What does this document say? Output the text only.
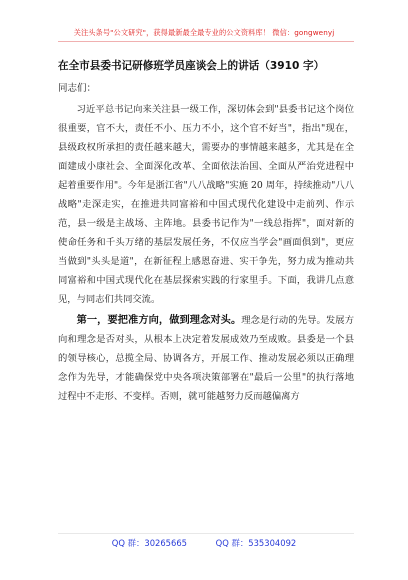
关注头条号"公文研究"，获得最新最全最专业的公文资料库！ 微信：gongwenyj
在全市县委书记研修班学员座谈会上的讲话（3910 字）
同志们：

习近平总书记向来关注县一级工作，深切体会到"县委书记这个岗位很重要，官不大，责任不小、压力不小，这个官不好当"，指出"现在，县级政权所承担的责任越来越大，需要办的事情越来越多，尤其是在全面建成小康社会、全面深化改革、全面依法治国、全面从严治党进程中起着重要作用"。今年是浙江省"八八战略"实施 20 周年，持续推动"八八战略"走深走实，在推进共同富裕和中国式现代化建设中走前列、作示范，县一级是主战场、主阵地。县委书记作为"一线总指挥"，面对新的使命任务和千头万绪的基层发展任务，不仅应当学会"画面俱到"，更应当做到"头头是道"，在新征程上感恩奋进、实干争先，努力成为推动共同富裕和中国式现代化在基层探索实践的行家里手。下面，我讲几点意见，与同志们共同交流。

第一，要把准方向，做到理念对头。理念是行动的先导。发展方向和理念是否对头，从根本上决定着发展成效乃至成败。县委是一个县的领导核心，总揽全局、协调各方，开展工作、推动发展必须以正确理念作为先导，才能确保党中央各项决策部署在"最后一公里"的执行落地过程中不走形、不变样。否则，就可能越努力反而越偏离方

QQ 群：30265665	QQ 群：535304092
